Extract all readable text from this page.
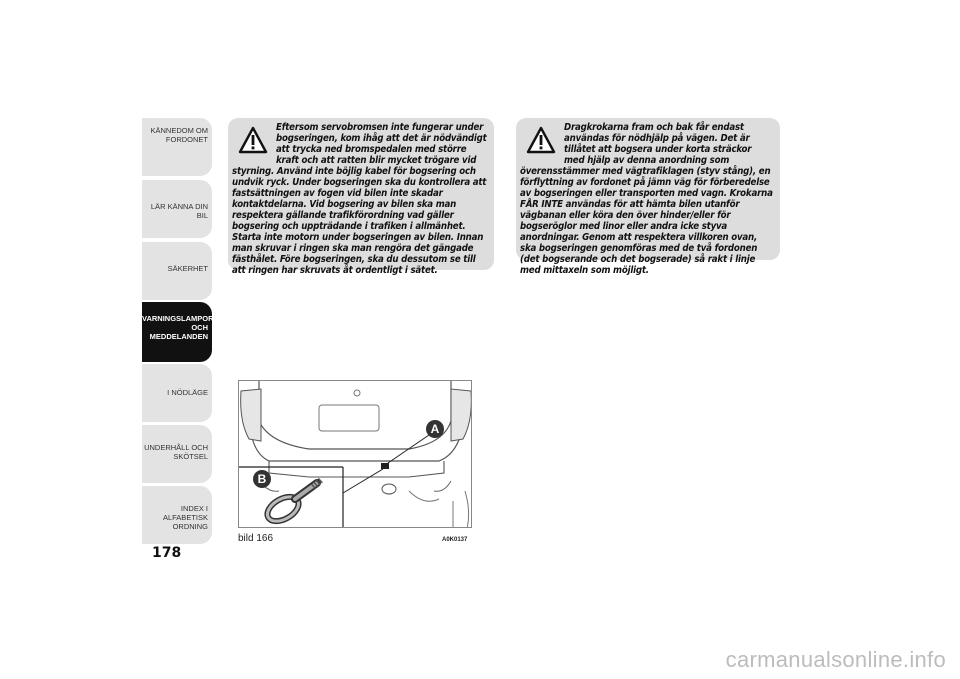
KÄNNEDOM OM
FORDONET
LÄR KÄNNA DIN BIL
SÄKERHET
VARNINGSLAMPOR
OCH
MEDDELANDEN
I NÖDLÄGE
UNDERHÅLL OCH
SKÖTSEL
INDEX I ALFABETISK
ORDNING
178

Eftersom servobromsen inte fungerar under bogseringen, kom ihåg att det är nödvändigt att trycka ned bromspedalen med större kraft och att ratten blir mycket trögare vid styrning. Använd inte böjlig kabel för bogsering och undvik ryck. Under bogseringen ska du kontrollera att fastsättningen av fogen vid bilen inte skadar kontaktdelarna. Vid bogsering av bilen ska man respektera gällande trafikförordning vad gäller bogsering och uppträdande i trafiken i allmänhet. Starta inte motorn under bogseringen av bilen. Innan man skruvar i ringen ska man rengöra det gängade fästhålet. Före bogseringen, ska du dessutom se till att ringen har skruvats åt ordentligt i sätet.

Dragkrokarna fram och bak får endast användas för nödhjälp på vägen. Det är tillåtet att bogsera under korta sträckor med hjälp av denna anordning som överensstämmer med vägtrafiklagen (styv stång), en förflyttning av fordonet på jämn väg för förberedelse av bogseringen eller transporten med vagn. Krokarna FÅR INTE användas för att hämta bilen utanför vägbanan eller köra den över hinder/eller för bogseröglor med linor eller andra icke styva anordningar. Genom att respektera villkoren ovan, ska bogseringen genomföras med de två fordonen (det bogserande och det bogserade) så rakt i linje med mittaxeln som möjligt.

A
B
bild 166	A0K0137
carmanualsonline.info
